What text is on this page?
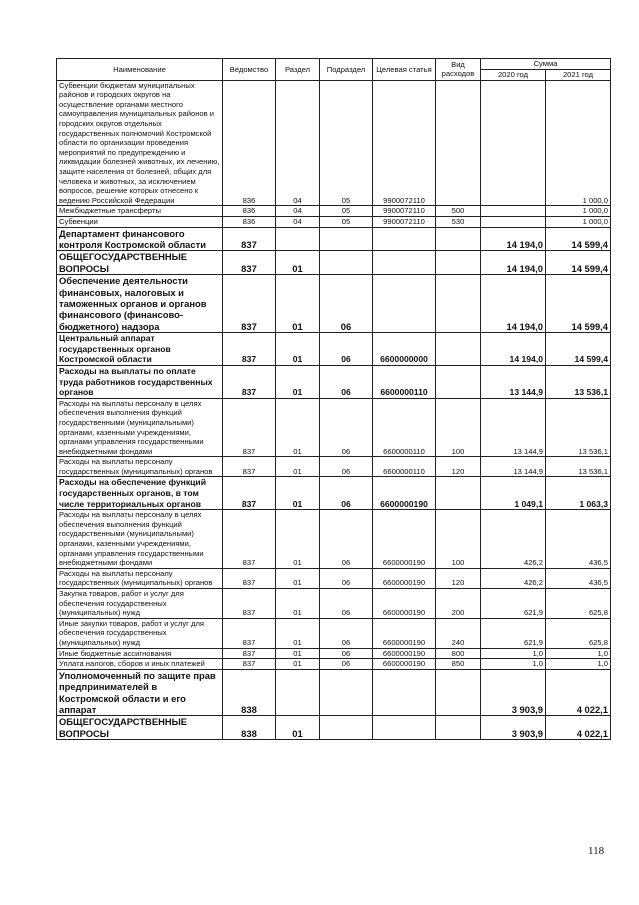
Наименование	Ведомство	Раздел	Подраздел	Целевая статья	Вид расходов	Сумма	
						2020 год	2021 год
Субвенции бюджетам муниципальных районов и городских округов на осуществление органами местного самоуправления муниципальных районов и городских округов отдельных государственных полномочий Костромской области по организации проведения мероприятий по предупреждению и ликвидации болезней животных, их лечению, защите населения от болезней, общих для человека и животных, за исключением вопросов, решение которых отнесено к ведению Российской Федерации	836	04	05	9900072110			1 000,0
Межбюджетные трансферты	836	04	05	9900072110	500		1 000,0
Субвенции	836	04	05	9900072110	530		1 000,0
Департамент финансового контроля Костромской области	837					14 194,0	14 599,4
ОБЩЕГОСУДАРСТВЕННЫЕ ВОПРОСЫ	837	01				14 194,0	14 599,4
Обеспечение деятельности финансовых, налоговых и таможенных органов и органов финансового (финансово-бюджетного) надзора	837	01	06			14 194,0	14 599,4
Центральный аппарат государственных органов Костромской области	837	01	06	6600000000		14 194,0	14 599,4
Расходы на выплаты по оплате труда работников государственных органов	837	01	06	6600000110		13 144,9	13 536,1
Расходы на выплаты персоналу в целях обеспечения выполнения функций государственными (муниципальными) органами, казенными учреждениями, органами управления государственными внебюджетными фондами	837	01	06	6600000110	100	13 144,9	13 536,1
Расходы на выплаты персоналу государственных (муниципальных) органов	837	01	06	6600000110	120	13 144,9	13 536,1
Расходы на обеспечение функций государственных органов, в том числе территориальных органов	837	01	06	6600000190		1 049,1	1 063,3
Расходы на выплаты персоналу в целях обеспечения выполнения функций государственными (муниципальными) органами, казенными учреждениями, органами управления государственными внебюджетными фондами	837	01	06	6600000190	100	426,2	436,5
Расходы на выплаты персоналу государственных (муниципальных) органов	837	01	06	6600000190	120	426,2	436,5
Закупка товаров, работ и услуг для обеспечения государственных (муниципальных) нужд	837	01	06	6600000190	200	621,9	625,8
Иные закупки товаров, работ и услуг для обеспечения государственных (муниципальных) нужд	837	01	06	6600000190	240	621,9	625,8
Иные бюджетные ассигнования	837	01	06	6600000190	800	1,0	1,0
Уплата налогов, сборов и иных платежей	837	01	06	6600000190	850	1,0	1,0
Уполномоченный по защите прав предпринимателей в Костромской области и его аппарат	838					3 903,9	4 022,1
ОБЩЕГОСУДАРСТВЕННЫЕ ВОПРОСЫ	838	01				3 903,9	4 022,1
118
